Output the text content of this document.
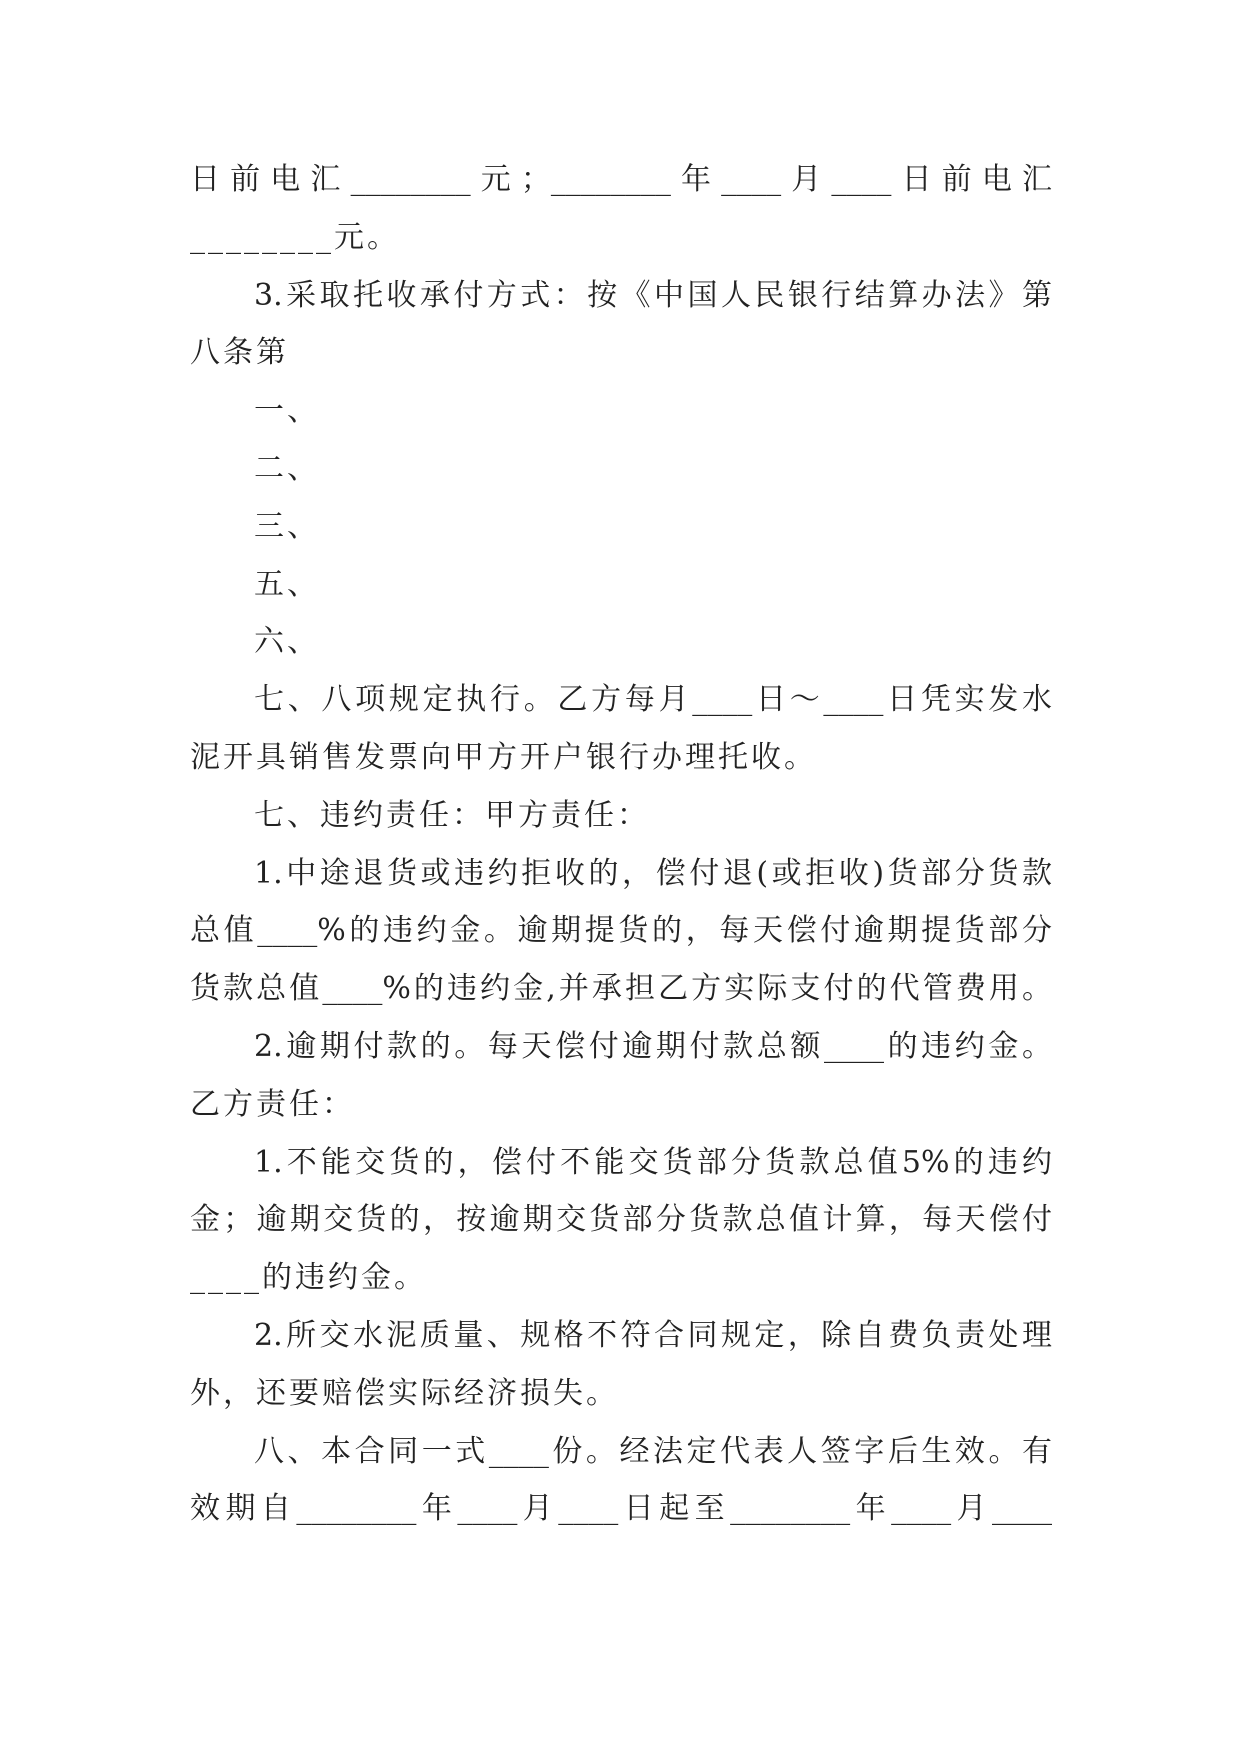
日前电汇________元；________年____月____日前电汇
________元。
3.采取托收承付方式：按《中国人民银行结算办法》第
八条第
一、
二、
三、
五、
六、
七、八项规定执行。乙方每月____日～____日凭实发水
泥开具销售发票向甲方开户银行办理托收。
七、违约责任：甲方责任：
1.中途退货或违约拒收的，偿付退(或拒收)货部分货款
总值____%的违约金。逾期提货的，每天偿付逾期提货部分
货款总值____%的违约金,并承担乙方实际支付的代管费用。
2.逾期付款的。每天偿付逾期付款总额____的违约金。
乙方责任：
1.不能交货的，偿付不能交货部分货款总值5%的违约
金；逾期交货的，按逾期交货部分货款总值计算，每天偿付
____的违约金。
2.所交水泥质量、规格不符合同规定，除自费负责处理
外，还要赔偿实际经济损失。
八、本合同一式____份。经法定代表人签字后生效。有
效期自________年____月____日起至________年____月____
